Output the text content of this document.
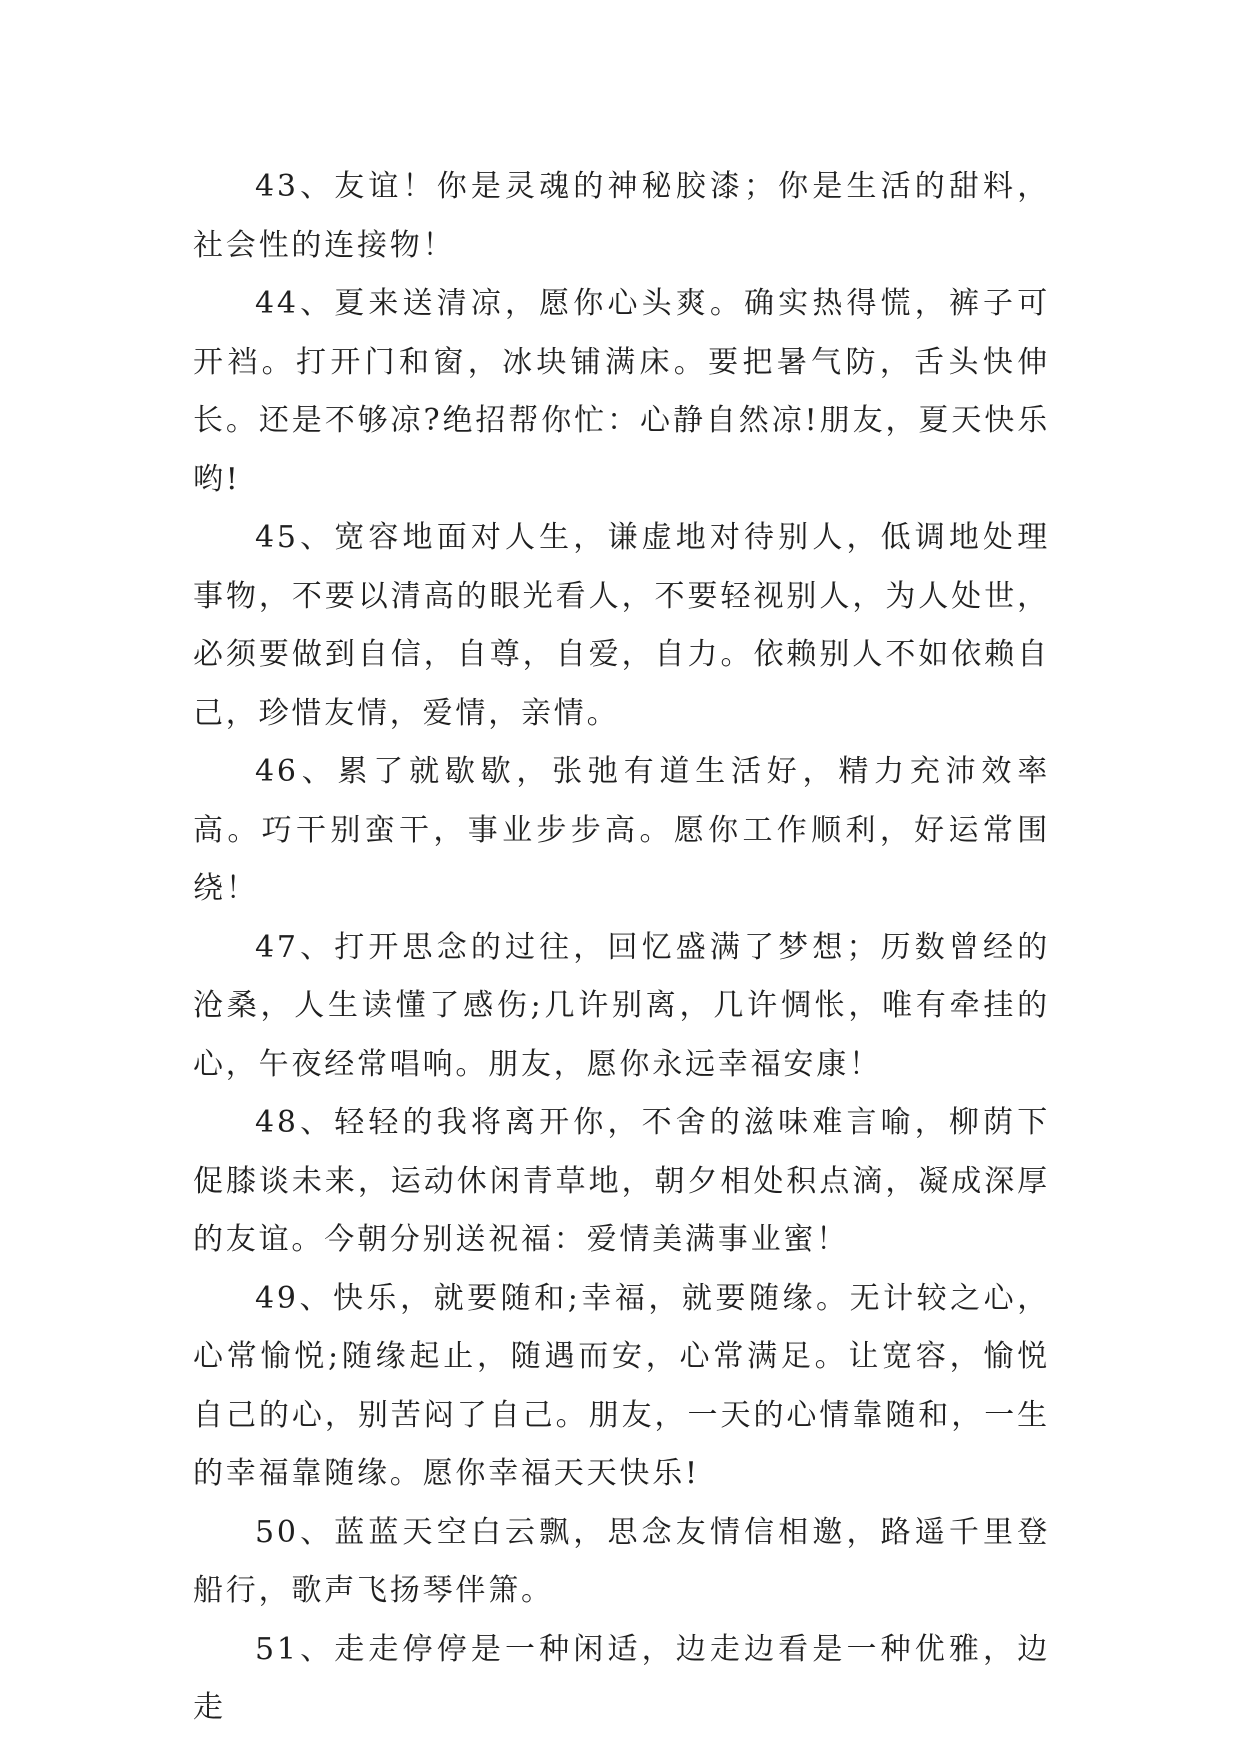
43、友谊！你是灵魂的神秘胶漆；你是生活的甜料，社会性的连接物！

44、夏来送清凉，愿你心头爽。确实热得慌，裤子可开裆。打开门和窗，冰块铺满床。要把暑气防，舌头快伸长。还是不够凉?绝招帮你忙：心静自然凉!朋友，夏天快乐哟!

45、宽容地面对人生，谦虚地对待别人，低调地处理事物，不要以清高的眼光看人，不要轻视别人，为人处世，必须要做到自信，自尊，自爱，自力。依赖别人不如依赖自己，珍惜友情，爱情，亲情。

46、累了就歇歇，张弛有道生活好，精力充沛效率高。巧干别蛮干，事业步步高。愿你工作顺利，好运常围绕！

47、打开思念的过往，回忆盛满了梦想；历数曾经的沧桑，人生读懂了感伤;几许别离，几许惆怅，唯有牵挂的心，午夜经常唱响。朋友，愿你永远幸福安康！

48、轻轻的我将离开你，不舍的滋味难言喻，柳荫下促膝谈未来，运动休闲青草地，朝夕相处积点滴，凝成深厚的友谊。今朝分别送祝福：爱情美满事业蜜！

49、快乐，就要随和;幸福，就要随缘。无计较之心，心常愉悦;随缘起止，随遇而安，心常满足。让宽容，愉悦自己的心，别苦闷了自己。朋友，一天的心情靠随和，一生的幸福靠随缘。愿你幸福天天快乐!

50、蓝蓝天空白云飘，思念友情信相邀，路遥千里登船行，歌声飞扬琴伴箫。

51、走走停停是一种闲适，边走边看是一种优雅，边走
